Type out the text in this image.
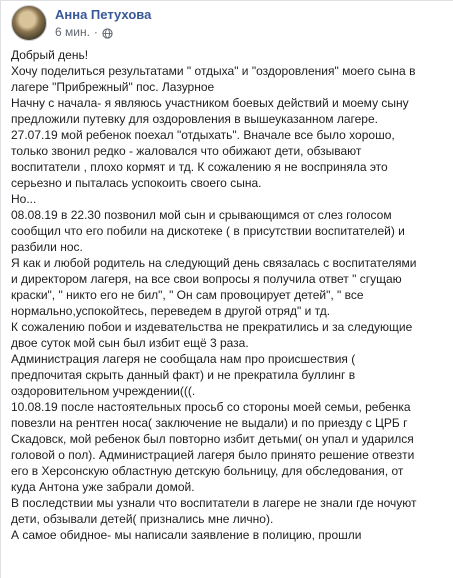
Анна Петухова
6 мин. ·

Добрый день!
Хочу поделиться результатами " отдыха" и "оздоровления" моего сына в
лагере "Прибрежный" пос. Лазурное

Начну с начала- я являюсь участником боевых действий и моему сыну
предложили путевку для оздоровления в вышеуказанном лагере.
27.07.19 мой ребенок поехал "отдыхать". Вначале все было хорошо,
только звонил редко - жаловался что обижают дети, обзывают
воспитатели , плохо кормят и тд. К сожалению я не восприняла это
серьезно и пыталась успокоить своего сына.
Но...

08.08.19 в 22.30 позвонил мой сын и срывающимся от слез голосом
сообщил что его побили на дискотеке ( в присутствии воспитателей) и
разбили нос.

Я как и любой родитель на следующий день связалась с воспитателями
и директором лагеря, на все свои вопросы я получила ответ " сгущаю
краски", " никто его не бил", " Он сам провоцирует детей", " все
нормально,успокойтесь, переведем в другой отряд" и тд.

К сожалению побои и издевательства не прекратились и за следующие
двое суток мой сын был избит ещё 3 раза.

Администрация лагеря не сообщала нам про происшествия (
предпочитая скрыть данный факт) и не прекратила буллинг в
оздоровительном учреждении(((.

10.08.19 после настоятельных просьб со стороны моей семьи, ребенка
повезли на рентген носа( заключение не выдали) и по приезду с ЦРБ г
Скадовск, мой ребенок был повторно избит детьми( он упал и ударился
головой о пол). Администрацией лагеря было принято решение отвезти
его в Херсонскую областную детскую больницу, для обследования, от
куда Антона уже забрали домой.

В последствии мы узнали что воспитатели в лагере не знали где ночуют
дети, обзывали детей( признались мне лично).

А самое обидное- мы написали заявление в полицию, прошли
